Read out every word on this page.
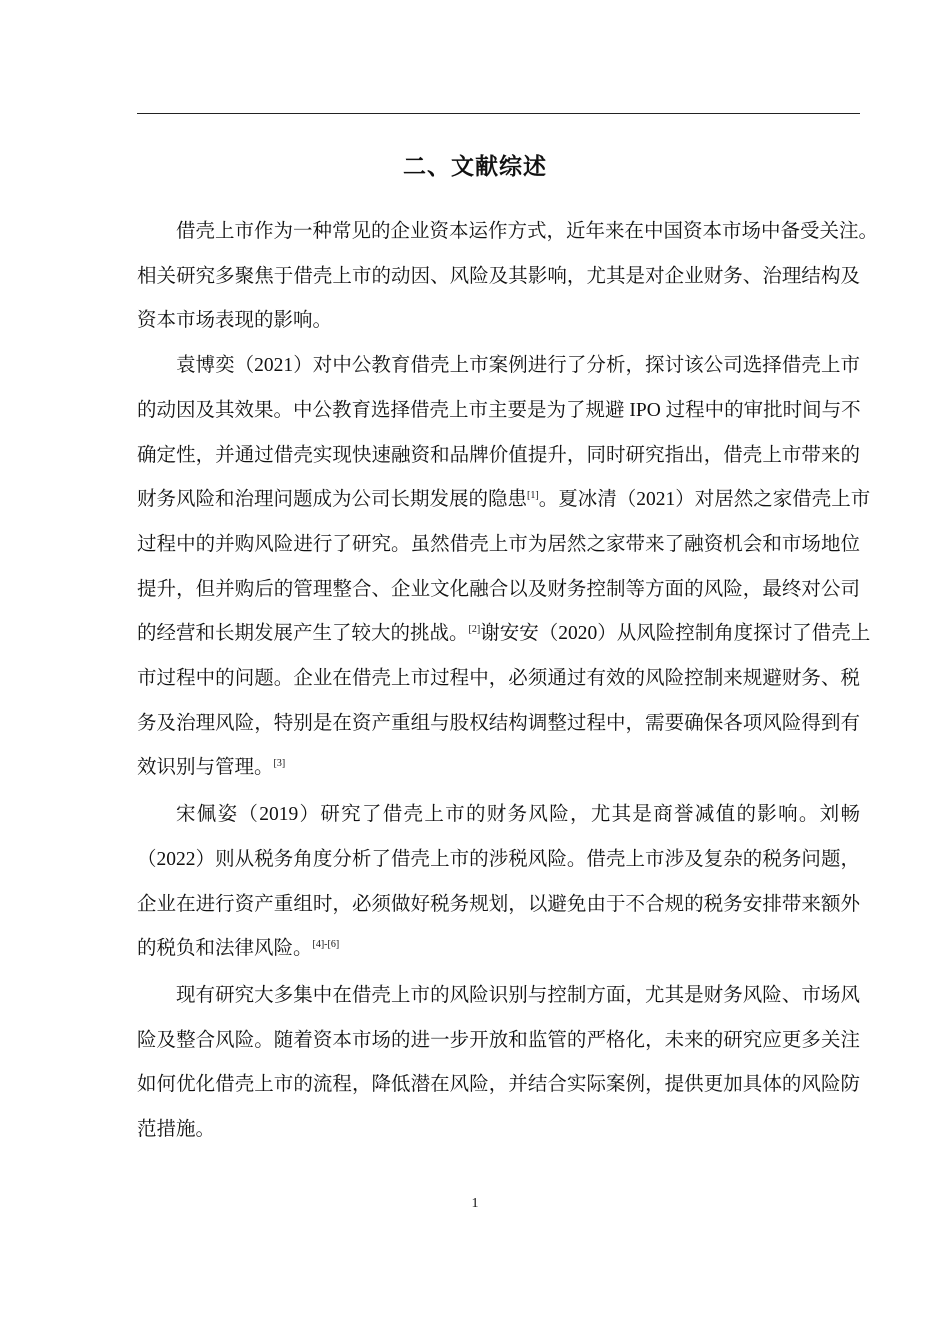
二、文献综述
借壳上市作为一种常见的企业资本运作方式，近年来在中国资本市场中备受关注。
相关研究多聚焦于借壳上市的动因、风险及其影响，尤其是对企业财务、治理结构及
资本市场表现的影响。
袁博奕（2021）对中公教育借壳上市案例进行了分析，探讨该公司选择借壳上市
的动因及其效果。中公教育选择借壳上市主要是为了规避 IPO 过程中的审批时间与不
确定性，并通过借壳实现快速融资和品牌价值提升，同时研究指出，借壳上市带来的
财务风险和治理问题成为公司长期发展的隐患[1]。夏冰清（2021）对居然之家借壳上市
过程中的并购风险进行了研究。虽然借壳上市为居然之家带来了融资机会和市场地位
提升，但并购后的管理整合、企业文化融合以及财务控制等方面的风险，最终对公司
的经营和长期发展产生了较大的挑战。[2]谢安安（2020）从风险控制角度探讨了借壳上
市过程中的问题。企业在借壳上市过程中，必须通过有效的风险控制来规避财务、税
务及治理风险，特别是在资产重组与股权结构调整过程中，需要确保各项风险得到有
效识别与管理。[3]
宋佩姿（2019）研究了借壳上市的财务风险，尤其是商誉减值的影响。刘畅
（2022）则从税务角度分析了借壳上市的涉税风险。借壳上市涉及复杂的税务问题，
企业在进行资产重组时，必须做好税务规划，以避免由于不合规的税务安排带来额外
的税负和法律风险。[4]-[6]
现有研究大多集中在借壳上市的风险识别与控制方面，尤其是财务风险、市场风
险及整合风险。随着资本市场的进一步开放和监管的严格化，未来的研究应更多关注
如何优化借壳上市的流程，降低潜在风险，并结合实际案例，提供更加具体的风险防
范措施。
1
